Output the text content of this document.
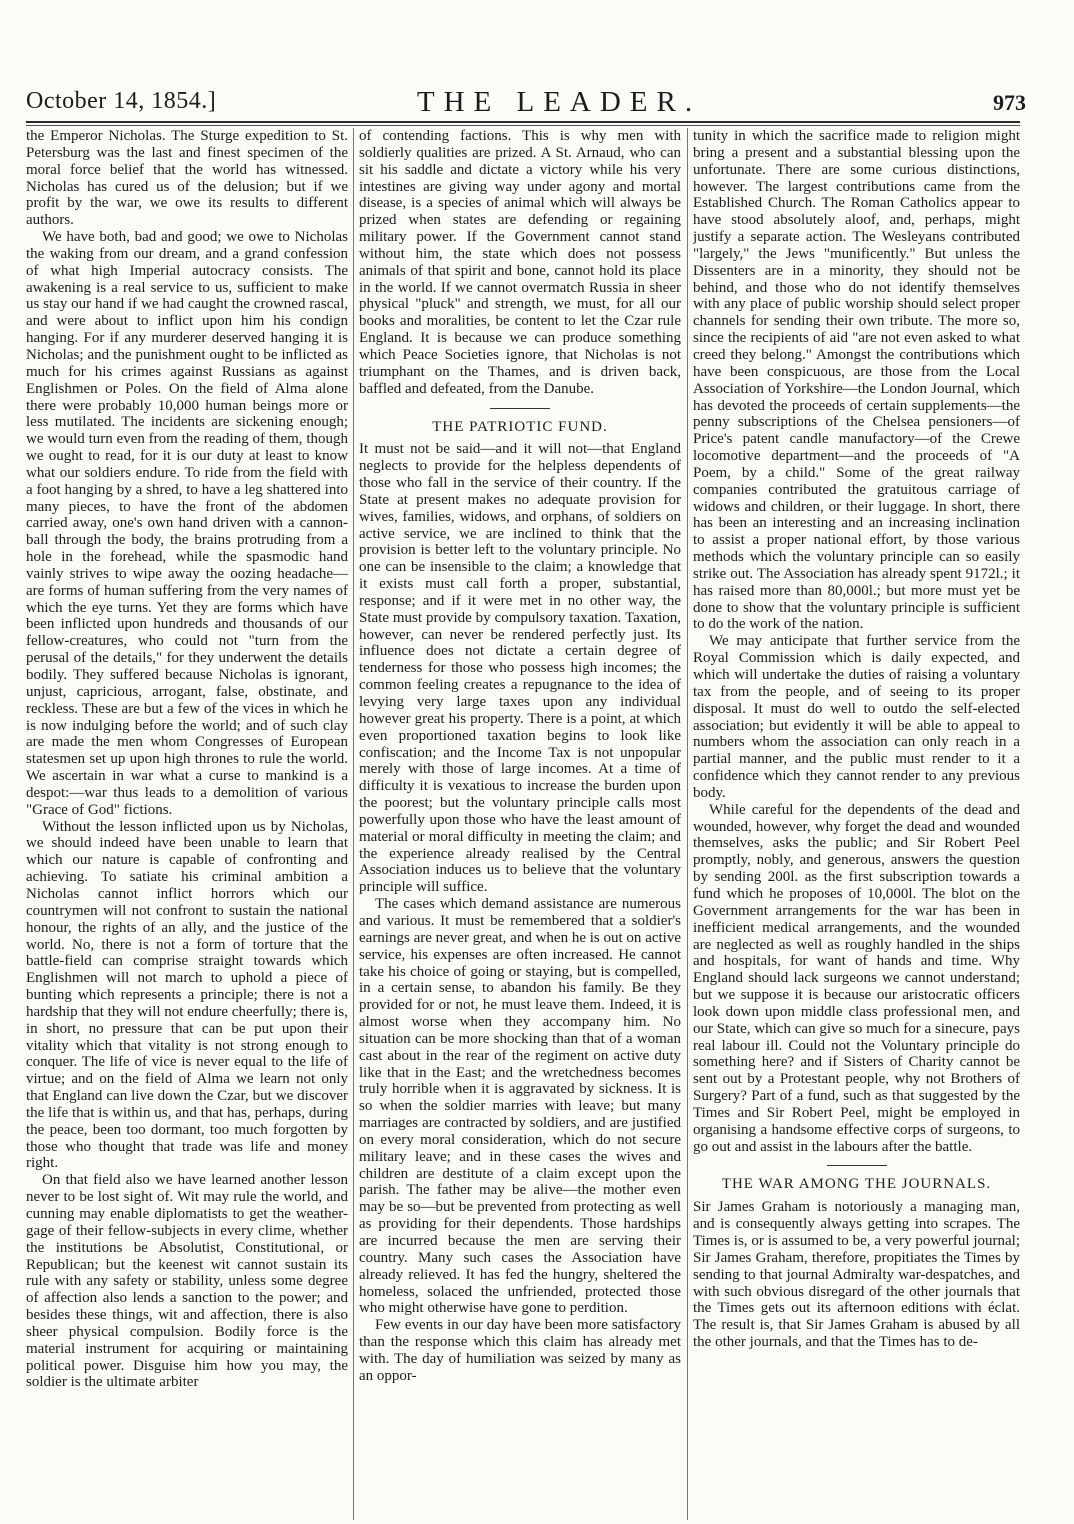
October 14, 1854.]	THE LEADER.	973

the Emperor Nicholas. The Sturge expedition to St. Petersburg was the last and finest specimen of the moral force belief that the world has witnessed. Nicholas has cured us of the delusion; but if we profit by the war, we owe its results to different authors.

We have both, bad and good; we owe to Nicholas the waking from our dream, and a grand confession of what high Imperial autocracy consists. The awakening is a real service to us, sufficient to make us stay our hand if we had caught the crowned rascal, and were about to inflict upon him his condign hanging. For if any murderer deserved hanging it is Nicholas; and the punishment ought to be inflicted as much for his crimes against Russians as against Englishmen or Poles. On the field of Alma alone there were probably 10,000 human beings more or less mutilated. The incidents are sickening enough; we would turn even from the reading of them, though we ought to read, for it is our duty at least to know what our soldiers endure. To ride from the field with a foot hanging by a shred, to have a leg shattered into many pieces, to have the front of the abdomen carried away, one's own hand driven with a cannon-ball through the body, the brains protruding from a hole in the forehead, while the spasmodic hand vainly strives to wipe away the oozing headache—are forms of human suffering from the very names of which the eye turns. Yet they are forms which have been inflicted upon hundreds and thousands of our fellow-creatures, who could not "turn from the perusal of the details," for they underwent the details bodily. They suffered because Nicholas is ignorant, unjust, capricious, arrogant, false, obstinate, and reckless. These are but a few of the vices in which he is now indulging before the world; and of such clay are made the men whom Congresses of European statesmen set up upon high thrones to rule the world. We ascertain in war what a curse to mankind is a despot:—war thus leads to a demolition of various "Grace of God" fictions.

Without the lesson inflicted upon us by Nicholas, we should indeed have been unable to learn that which our nature is capable of confronting and achieving. To satiate his criminal ambition a Nicholas cannot inflict horrors which our countrymen will not confront to sustain the national honour, the rights of an ally, and the justice of the world. No, there is not a form of torture that the battle-field can comprise straight towards which Englishmen will not march to uphold a piece of bunting which represents a principle; there is not a hardship that they will not endure cheerfully; there is, in short, no pressure that can be put upon their vitality which that vitality is not strong enough to conquer. The life of vice is never equal to the life of virtue; and on the field of Alma we learn not only that England can live down the Czar, but we discover the life that is within us, and that has, perhaps, during the peace, been too dormant, too much forgotten by those who thought that trade was life and money right.

On that field also we have learned another lesson never to be lost sight of. Wit may rule the world, and cunning may enable diplomatists to get the weather-gage of their fellow-subjects in every clime, whether the institutions be Absolutist, Constitutional, or Republican; but the keenest wit cannot sustain its rule with any safety or stability, unless some degree of affection also lends a sanction to the power; and besides these things, wit and affection, there is also sheer physical compulsion. Bodily force is the material instrument for acquiring or maintaining political power. Disguise him how you may, the soldier is the ultimate arbiter

of contending factions. This is why men with soldierly qualities are prized. A St. Arnaud, who can sit his saddle and dictate a victory while his very intestines are giving way under agony and mortal disease, is a species of animal which will always be prized when states are defending or regaining military power. If the Government cannot stand without him, the state which does not possess animals of that spirit and bone, cannot hold its place in the world. If we cannot overmatch Russia in sheer physical "pluck" and strength, we must, for all our books and moralities, be content to let the Czar rule England. It is because we can produce something which Peace Societies ignore, that Nicholas is not triumphant on the Thames, and is driven back, baffled and defeated, from the Danube.

THE PATRIOTIC FUND.

It must not be said—and it will not—that England neglects to provide for the helpless dependents of those who fall in the service of their country. If the State at present makes no adequate provision for wives, families, widows, and orphans, of soldiers on active service, we are inclined to think that the provision is better left to the voluntary principle. No one can be insensible to the claim; a knowledge that it exists must call forth a proper, substantial, response; and if it were met in no other way, the State must provide by compulsory taxation. Taxation, however, can never be rendered perfectly just. Its influence does not dictate a certain degree of tenderness for those who possess high incomes; the common feeling creates a repugnance to the idea of levying very large taxes upon any individual however great his property. There is a point, at which even proportioned taxation begins to look like confiscation; and the Income Tax is not unpopular merely with those of large incomes. At a time of difficulty it is vexatious to increase the burden upon the poorest; but the voluntary principle calls most powerfully upon those who have the least amount of material or moral difficulty in meeting the claim; and the experience already realised by the Central Association induces us to believe that the voluntary principle will suffice.

The cases which demand assistance are numerous and various. It must be remembered that a soldier's earnings are never great, and when he is out on active service, his expenses are often increased. He cannot take his choice of going or staying, but is compelled, in a certain sense, to abandon his family. Be they provided for or not, he must leave them. Indeed, it is almost worse when they accompany him. No situation can be more shocking than that of a woman cast about in the rear of the regiment on active duty like that in the East; and the wretchedness becomes truly horrible when it is aggravated by sickness. It is so when the soldier marries with leave; but many marriages are contracted by soldiers, and are justified on every moral consideration, which do not secure military leave; and in these cases the wives and children are destitute of a claim except upon the parish. The father may be alive—the mother even may be so—but be prevented from protecting as well as providing for their dependents. Those hardships are incurred because the men are serving their country. Many such cases the Association have already relieved. It has fed the hungry, sheltered the homeless, solaced the unfriended, protected those who might otherwise have gone to perdition.

Few events in our day have been more satisfactory than the response which this claim has already met with. The day of humiliation was seized by many as an oppor-

tunity in which the sacrifice made to religion might bring a present and a substantial blessing upon the unfortunate. There are some curious distinctions, however. The largest contributions came from the Established Church. The Roman Catholics appear to have stood absolutely aloof, and, perhaps, might justify a separate action. The Wesleyans contributed "largely," the Jews "munificently." But unless the Dissenters are in a minority, they should not be behind, and those who do not identify themselves with any place of public worship should select proper channels for sending their own tribute. The more so, since the recipients of aid "are not even asked to what creed they belong." Amongst the contributions which have been conspicuous, are those from the Local Association of Yorkshire—the London Journal, which has devoted the proceeds of certain supplements—the penny subscriptions of the Chelsea pensioners—of Price's patent candle manufactory—of the Crewe locomotive department—and the proceeds of "A Poem, by a child." Some of the great railway companies contributed the gratuitous carriage of widows and children, or their luggage. In short, there has been an interesting and an increasing inclination to assist a proper national effort, by those various methods which the voluntary principle can so easily strike out. The Association has already spent 9172l.; it has raised more than 80,000l.; but more must yet be done to show that the voluntary principle is sufficient to do the work of the nation.

We may anticipate that further service from the Royal Commission which is daily expected, and which will undertake the duties of raising a voluntary tax from the people, and of seeing to its proper disposal. It must do well to outdo the self-elected association; but evidently it will be able to appeal to numbers whom the association can only reach in a partial manner, and the public must render to it a confidence which they cannot render to any previous body.

While careful for the dependents of the dead and wounded, however, why forget the dead and wounded themselves, asks the public; and Sir Robert Peel promptly, nobly, and generous, answers the question by sending 200l. as the first subscription towards a fund which he proposes of 10,000l. The blot on the Government arrangements for the war has been in inefficient medical arrangements, and the wounded are neglected as well as roughly handled in the ships and hospitals, for want of hands and time. Why England should lack surgeons we cannot understand; but we suppose it is because our aristocratic officers look down upon middle class professional men, and our State, which can give so much for a sinecure, pays real labour ill. Could not the Voluntary principle do something here? and if Sisters of Charity cannot be sent out by a Protestant people, why not Brothers of Surgery? Part of a fund, such as that suggested by the Times and Sir Robert Peel, might be employed in organising a handsome effective corps of surgeons, to go out and assist in the labours after the battle.

THE WAR AMONG THE JOURNALS.

Sir James Graham is notoriously a managing man, and is consequently always getting into scrapes. The Times is, or is assumed to be, a very powerful journal; Sir James Graham, therefore, propitiates the Times by sending to that journal Admiralty war-despatches, and with such obvious disregard of the other journals that the Times gets out its afternoon editions with éclat. The result is, that Sir James Graham is abused by all the other journals, and that the Times has to de-
